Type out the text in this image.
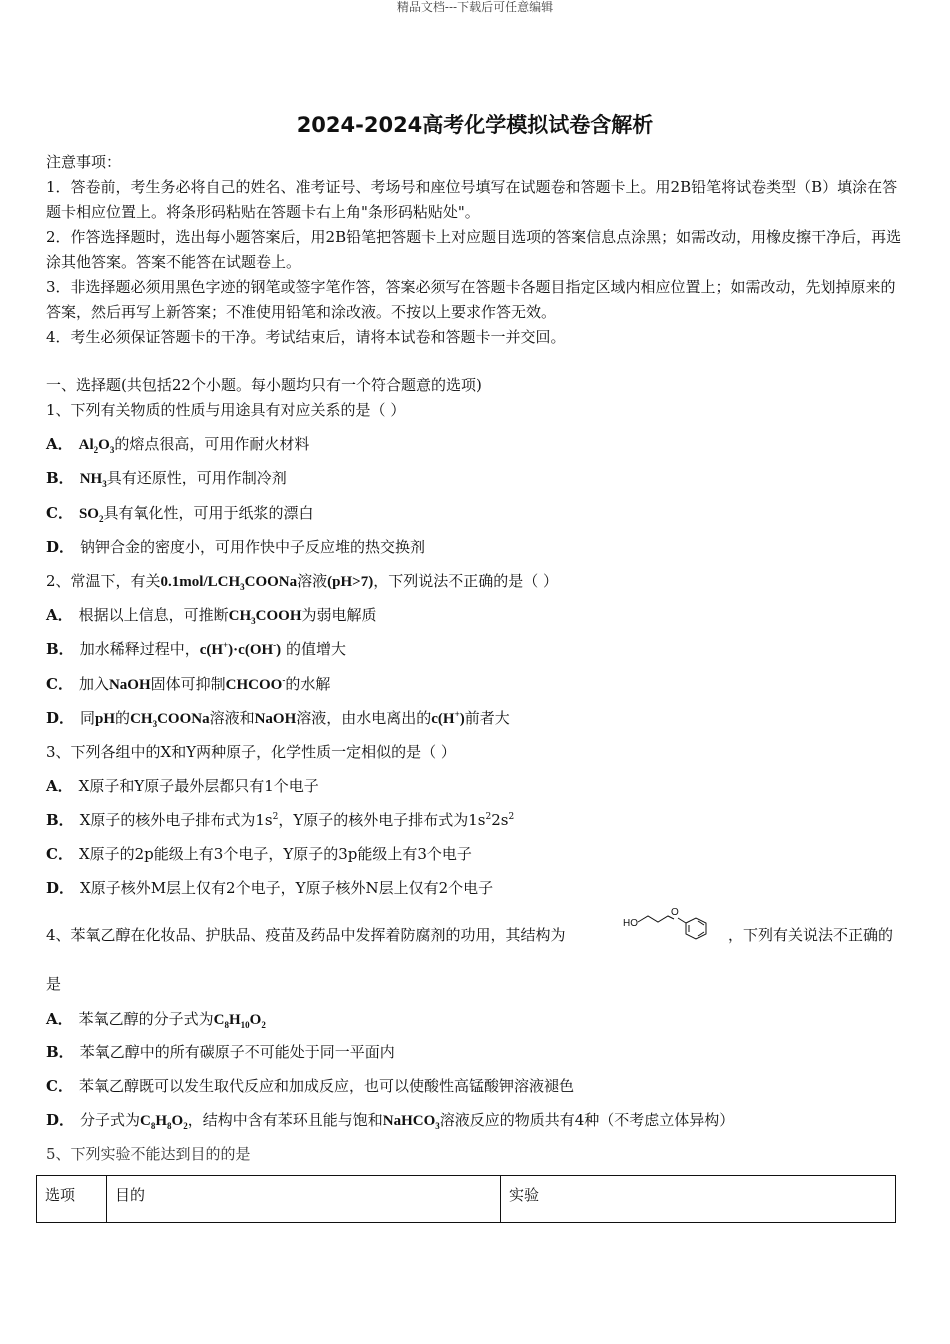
精品文档---下载后可任意编辑
2024-2024高考化学模拟试卷含解析

注意事项：

1．答卷前，考生务必将自己的姓名、准考证号、考场号和座位号填写在试题卷和答题卡上。用2B铅笔将试卷类型（B）填涂在答题卡相应位置上。将条形码粘贴在答题卡右上角"条形码粘贴处"。

2．作答选择题时，选出每小题答案后，用2B铅笔把答题卡上对应题目选项的答案信息点涂黑；如需改动，用橡皮擦干净后，再选涂其他答案。答案不能答在试题卷上。

3．非选择题必须用黑色字迹的钢笔或签字笔作答，答案必须写在答题卡各题目指定区域内相应位置上；如需改动，先划掉原来的答案，然后再写上新答案；不准使用铅笔和涂改液。不按以上要求作答无效。

4．考生必须保证答题卡的干净。考试结束后，请将本试卷和答题卡一并交回。

一、选择题(共包括22个小题。每小题均只有一个符合题意的选项)
1、下列有关物质的性质与用途具有对应关系的是（ ）
A． $Al_2O_3$的熔点很高，可用作耐火材料
B． $NH_3$具有还原性，可用作制冷剂
C． $SO_2$具有氧化性，可用于纸浆的漂白
D． 钠钾合金的密度小，可用作快中子反应堆的热交换剂
2、常温下，有关$0.1mol/LCH_3COONa$溶液(pH>7)，下列说法不正确的是（ ）
A． 根据以上信息，可推断$CH_3COOH$为弱电解质
B． 加水稀释过程中，c(H+)·c(OH-) 的值增大
C． 加入NaOH固体可抑制CHCOO-的水解
D． 同pH的$CH_3COONa$溶液和NaOH溶液，由水电离出的c(H+)前者大
3、下列各组中的X和Y两种原子，化学性质一定相似的是（ ）
A． X原子和Y原子最外层都只有1个电子
B． X原子的核外电子排布式为$1s^2$，Y原子的核外电子排布式为$1s^22s^2$
C． X原子的2p能级上有3个电子，Y原子的3p能级上有3个电子
D． X原子核外M层上仅有2个电子，Y原子核外N层上仅有2个电子
4、苯氧乙醇在化妆品、护肤品、疫苗及药品中发挥着防腐剂的功用，其结构为
HO
O
，下列有关说法不正确的
是
A． 苯氧乙醇的分子式为$C_8H_{10}O_2$
B． 苯氧乙醇中的所有碳原子不可能处于同一平面内
C． 苯氧乙醇既可以发生取代反应和加成反应，也可以使酸性高锰酸钾溶液褪色
D． 分子式为$C_8H_8O_2$，结构中含有苯环且能与饱和NaHCO$_3$溶液反应的物质共有4种（不考虑立体异构）
5、下列实验不能达到目的的是
选项	目的	实验
